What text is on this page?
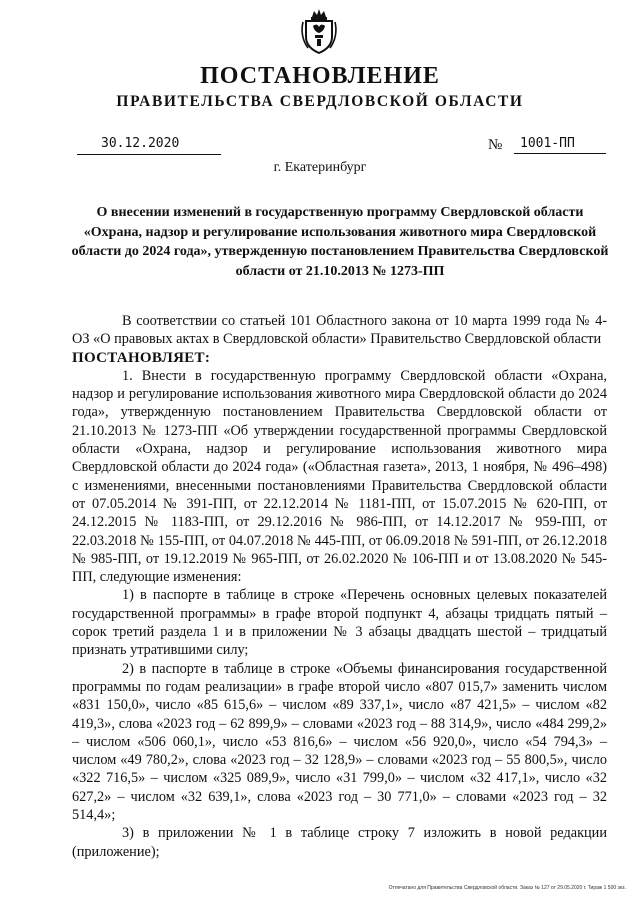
ПОСТАНОВЛЕНИЕ
ПРАВИТЕЛЬСТВА СВЕРДЛОВСКОЙ ОБЛАСТИ
30.12.2020	№ 1001-ПП
г. Екатеринбург
О внесении изменений в государственную программу Свердловской области «Охрана, надзор и регулирование использования животного мира Свердловской области до 2024 года», утвержденную постановлением Правительства Свердловской области от 21.10.2013 № 1273-ПП

В соответствии со статьей 101 Областного закона от 10 марта 1999 года № 4-ОЗ «О правовых актах в Свердловской области» Правительство Свердловской области

ПОСТАНОВЛЯЕТ:

1. Внести в государственную программу Свердловской области «Охрана, надзор и регулирование использования животного мира Свердловской области до 2024 года», утвержденную постановлением Правительства Свердловской области от 21.10.2013 № 1273-ПП «Об утверждении государственной программы Свердловской области «Охрана, надзор и регулирование использования животного мира Свердловской области до 2024 года» («Областная газета», 2013, 1 ноября, № 496–498) с изменениями, внесенными постановлениями Правительства Свердловской области от 07.05.2014 № 391-ПП, от 22.12.2014 № 1181-ПП, от 15.07.2015 № 620-ПП, от 24.12.2015 № 1183-ПП, от 29.12.2016 № 986-ПП, от 14.12.2017 № 959-ПП, от 22.03.2018 № 155-ПП, от 04.07.2018 № 445-ПП, от 06.09.2018 № 591-ПП, от 26.12.2018 № 985-ПП, от 19.12.2019 № 965-ПП, от 26.02.2020 № 106-ПП и от 13.08.2020 № 545-ПП, следующие изменения:

1) в паспорте в таблице в строке «Перечень основных целевых показателей государственной программы» в графе второй подпункт 4, абзацы тридцать пятый – сорок третий раздела 1 и в приложении № 3 абзацы двадцать шестой – тридцатый признать утратившими силу;

2) в паспорте в таблице в строке «Объемы финансирования государственной программы по годам реализации» в графе второй число «807 015,7» заменить числом «831 150,0», число «85 615,6» – числом «89 337,1», число «87 421,5» – числом «82 419,3», слова «2023 год – 62 899,9» – словами «2023 год – 88 314,9», число «484 299,2» – числом «506 060,1», число «53 816,6» – числом «56 920,0», число «54 794,3» – числом «49 780,2», слова «2023 год – 32 128,9» – словами «2023 год – 55 800,5», число «322 716,5» – числом «325 089,9», число «31 799,0» – числом «32 417,1», число «32 627,2» – числом «32 639,1», слова «2023 год – 30 771,0» – словами «2023 год – 32 514,4»;

3) в приложении № 1 в таблице строку 7 изложить в новой редакции (приложение);

Отпечатано для Правительства Свердловской области. Заказ № 127 от 29.05.2020 г. Тираж 1 500 экз.
